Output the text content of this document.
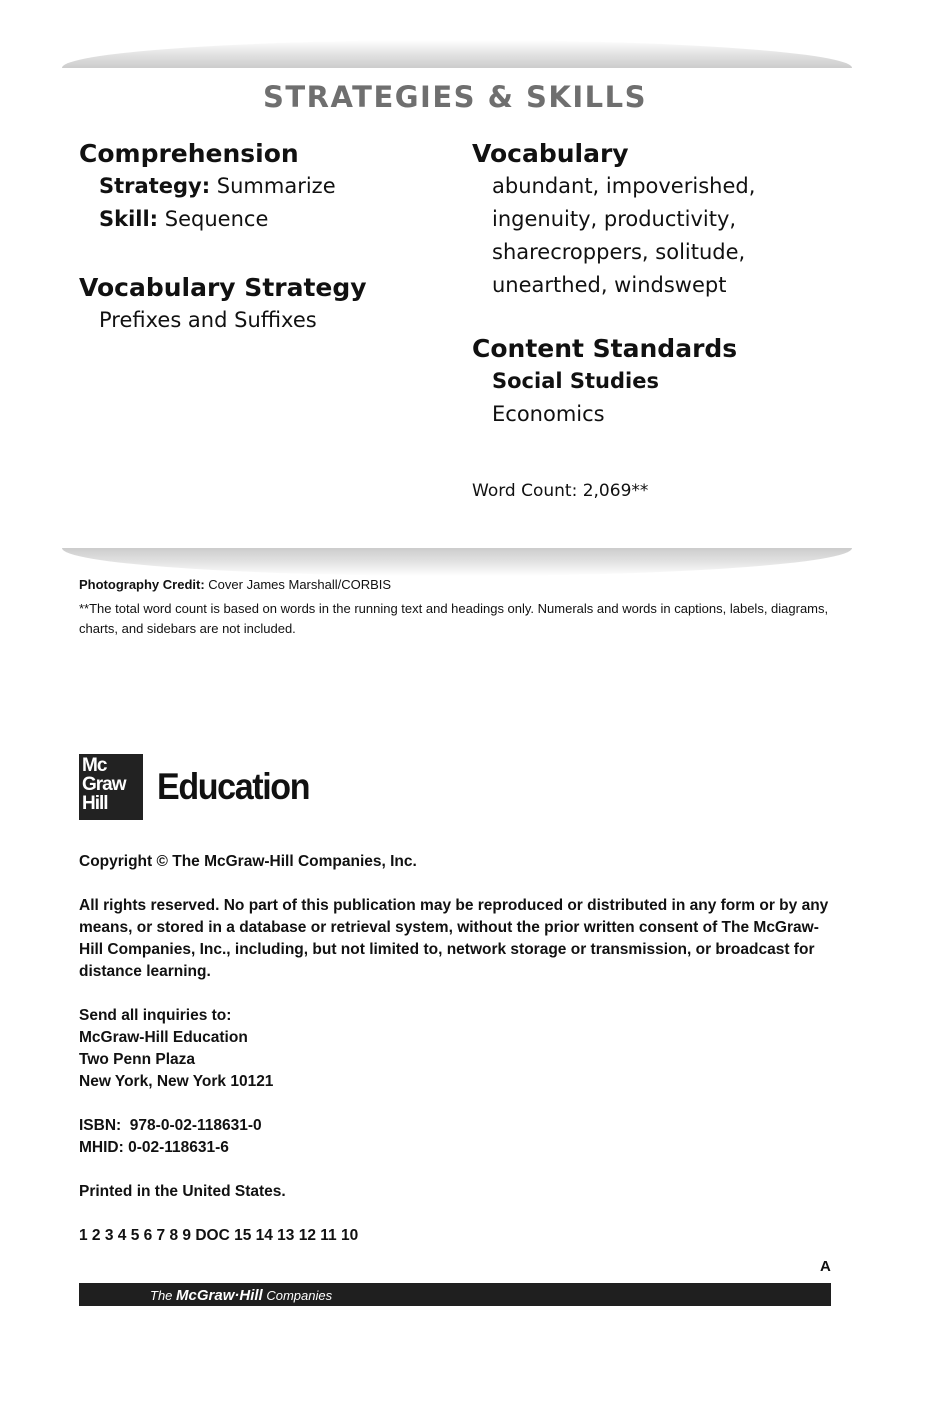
STRATEGIES & SKILLS
Comprehension
Strategy: Summarize
Skill: Sequence
Vocabulary Strategy
Prefixes and Suffixes
Vocabulary
abundant, impoverished,
ingenuity, productivity,
sharecroppers, solitude,
unearthed, windswept
Content Standards
Social Studies
Economics
Word Count: 2,069**
Photography Credit: Cover James Marshall/CORBIS
**The total word count is based on words in the running text and headings only. Numerals and words in captions, labels, diagrams, charts, and sidebars are not included.
Mc
Graw
Hill	Education

Copyright © The McGraw-Hill Companies, Inc.

All rights reserved. No part of this publication may be reproduced or distributed in any form or by any means, or stored in a database or retrieval system, without the prior written consent of The McGraw-Hill Companies, Inc., including, but not limited to, network storage or transmission, or broadcast for distance learning.

Send all inquiries to:
McGraw-Hill Education
Two Penn Plaza
New York, New York 10121

ISBN:  978-0-02-118631-0
MHID: 0-02-118631-6

Printed in the United States.

1 2 3 4 5 6 7 8 9 DOC 15 14 13 12 11 10

A
The McGraw·Hill Companies
